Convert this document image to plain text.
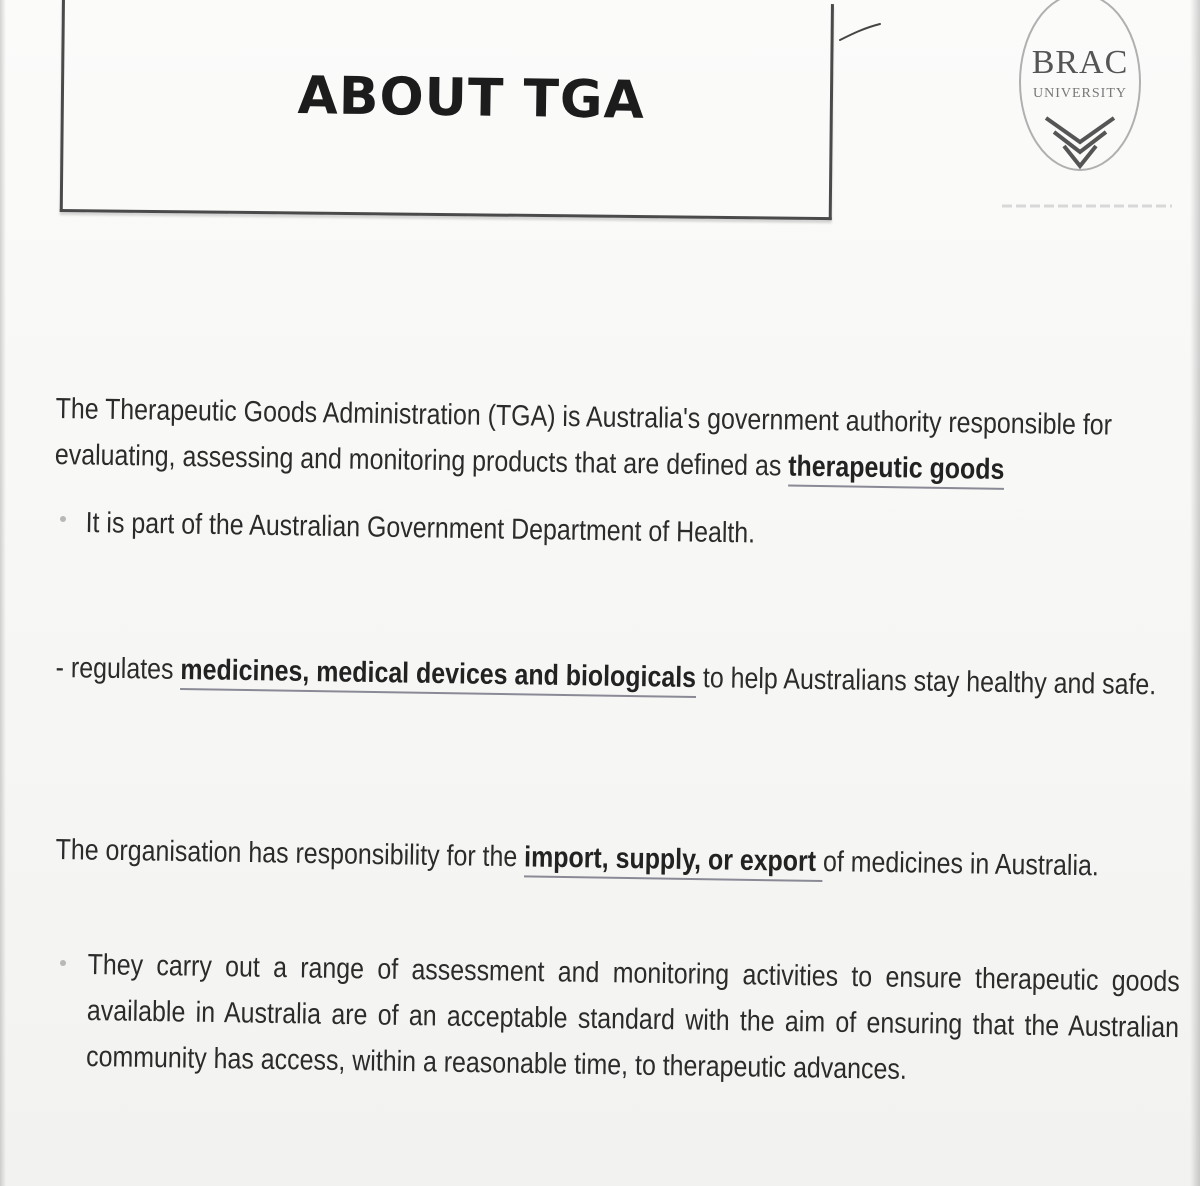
ABOUT TGA
BRAC
UNIVERSITY
The Therapeutic Goods Administration (TGA) is Australia's government authority responsible for evaluating, assessing and monitoring products that are defined as therapeutic goods
It is part of the Australian Government Department of Health.
- regulates medicines, medical devices and biologicals to help Australians stay healthy and safe.
The organisation has responsibility for the import, supply, or export of medicines in Australia.
They carry out a range of assessment and monitoring activities to ensure therapeutic goods available in Australia are of an acceptable standard with the aim of ensuring that the Australian community has access, within a reasonable time, to therapeutic advances.
